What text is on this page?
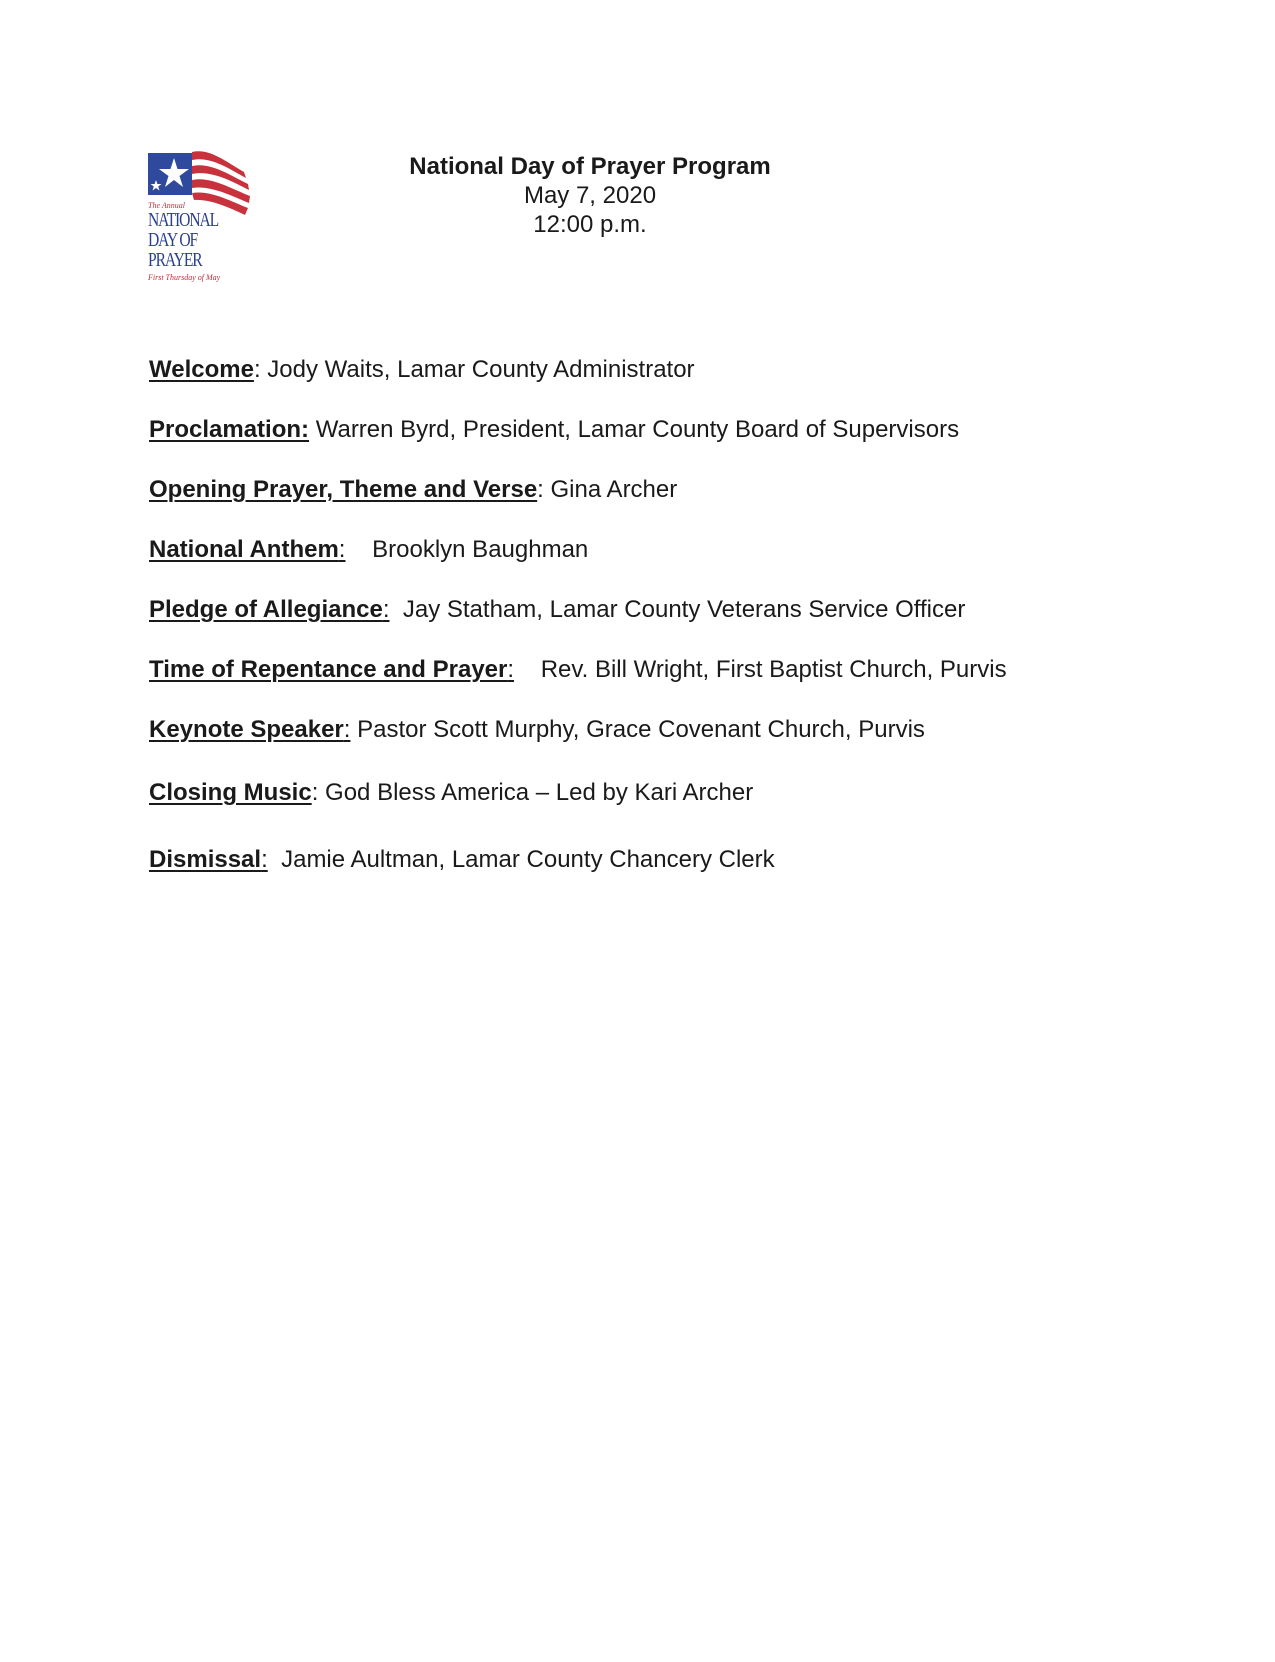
The Annual
NATIONAL
DAY OF
PRAYER
First Thursday of May
National Day of Prayer Program
May 7, 2020
12:00 p.m.
Welcome: Jody Waits, Lamar County Administrator
Proclamation: Warren Byrd, President, Lamar County Board of Supervisors
Opening Prayer, Theme and Verse: Gina Archer
National Anthem: Brooklyn Baughman
Pledge of Allegiance: Jay Statham, Lamar County Veterans Service Officer
Time of Repentance and Prayer: Rev. Bill Wright, First Baptist Church, Purvis
Keynote Speaker: Pastor Scott Murphy, Grace Covenant Church, Purvis
Closing Music: God Bless America – Led by Kari Archer
Dismissal: Jamie Aultman, Lamar County Chancery Clerk
